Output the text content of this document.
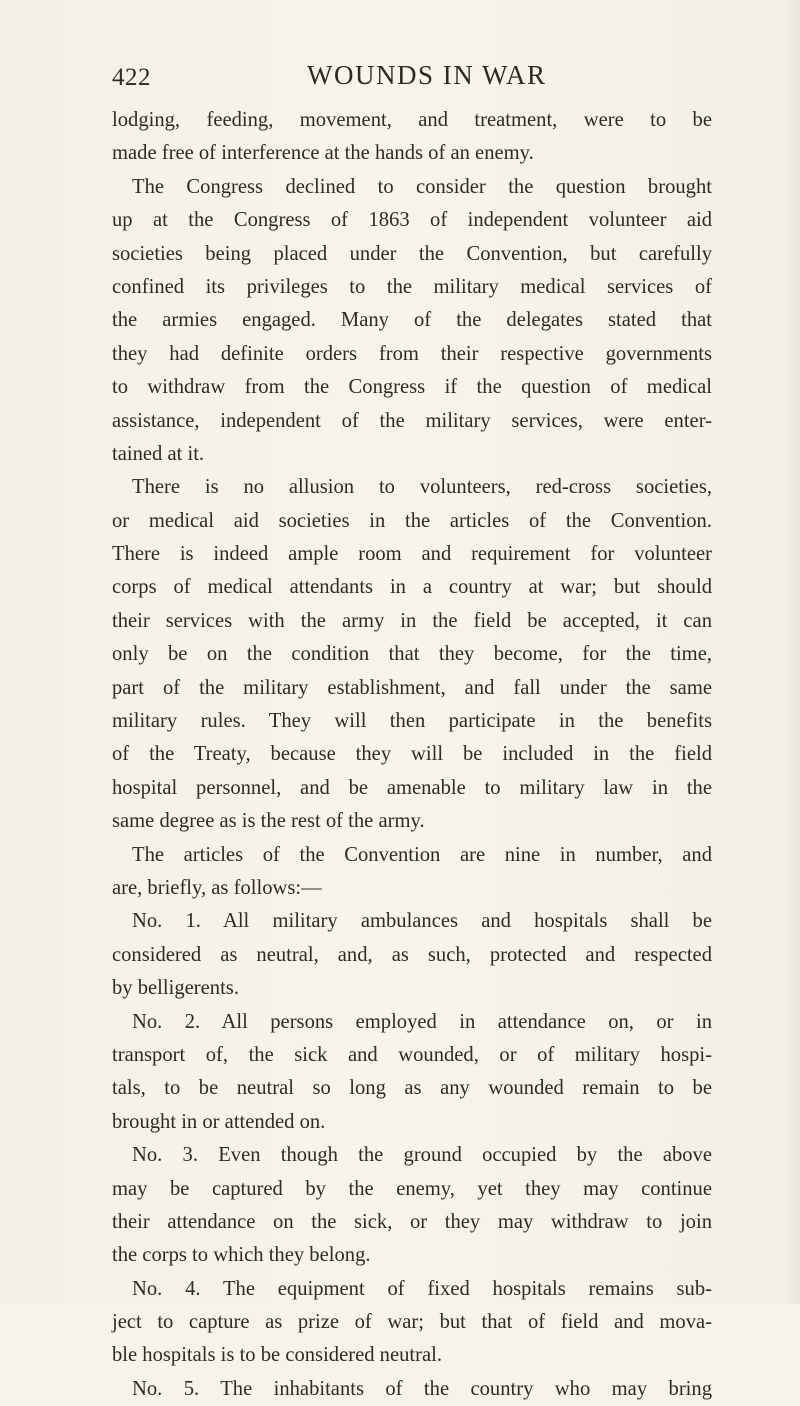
422	WOUNDS IN WAR
lodging, feeding, movement, and treatment, were to be
made free of interference at the hands of an enemy.
The Congress declined to consider the question brought
up at the Congress of 1863 of independent volunteer aid
societies being placed under the Convention, but carefully
confined its privileges to the military medical services of
the armies engaged. Many of the delegates stated that
they had definite orders from their respective governments
to withdraw from the Congress if the question of medical
assistance, independent of the military services, were enter-
tained at it.
There is no allusion to volunteers, red-cross societies,
or medical aid societies in the articles of the Convention.
There is indeed ample room and requirement for volunteer
corps of medical attendants in a country at war; but should
their services with the army in the field be accepted, it can
only be on the condition that they become, for the time,
part of the military establishment, and fall under the same
military rules. They will then participate in the benefits
of the Treaty, because they will be included in the field
hospital personnel, and be amenable to military law in the
same degree as is the rest of the army.
The articles of the Convention are nine in number, and
are, briefly, as follows:—
No. 1. All military ambulances and hospitals shall be
considered as neutral, and, as such, protected and respected
by belligerents.
No. 2. All persons employed in attendance on, or in
transport of, the sick and wounded, or of military hospi-
tals, to be neutral so long as any wounded remain to be
brought in or attended on.
No. 3. Even though the ground occupied by the above
may be captured by the enemy, yet they may continue
their attendance on the sick, or they may withdraw to join
the corps to which they belong.
No. 4. The equipment of fixed hospitals remains sub-
ject to capture as prize of war; but that of field and mova-
ble hospitals is to be considered neutral.
No. 5. The inhabitants of the country who may bring
